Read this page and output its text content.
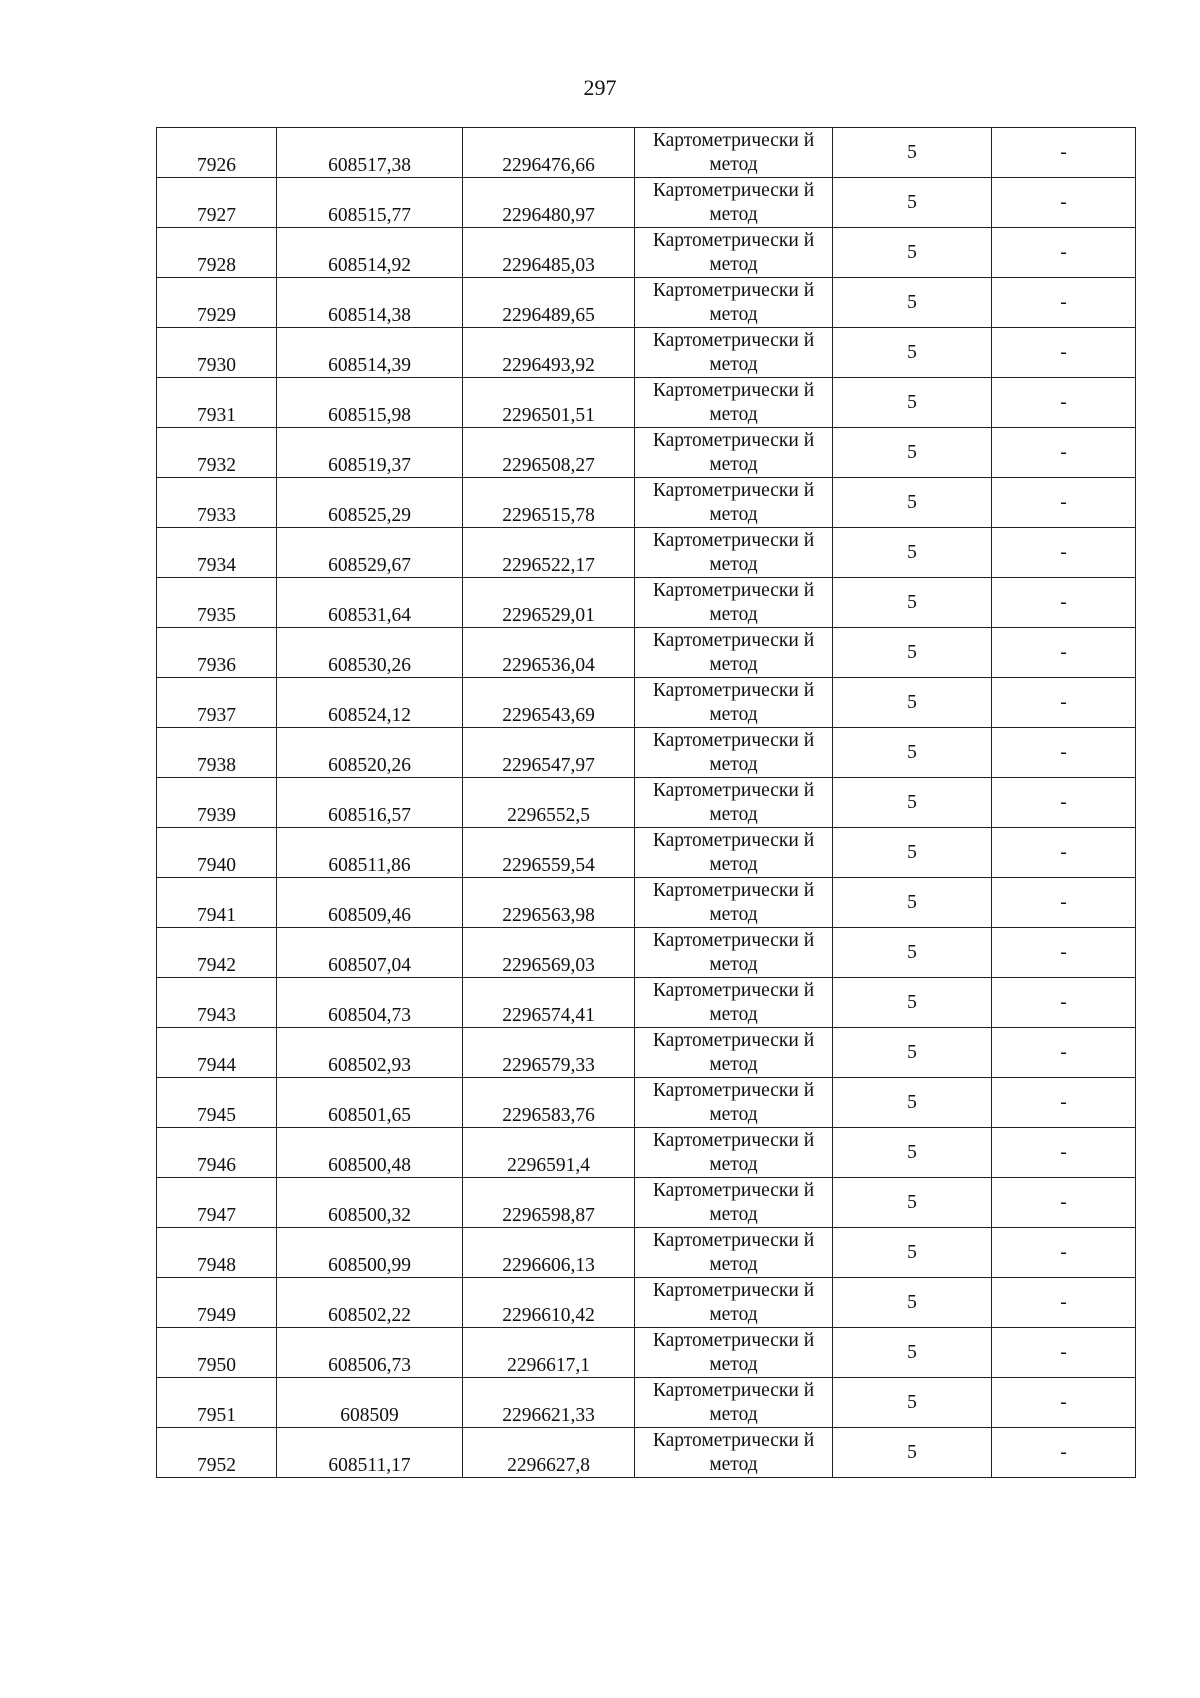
297
7926	608517,38	2296476,66	Картометрически й метод	5	-
7927	608515,77	2296480,97	Картометрически й метод	5	-
7928	608514,92	2296485,03	Картометрически й метод	5	-
7929	608514,38	2296489,65	Картометрически й метод	5	-
7930	608514,39	2296493,92	Картометрически й метод	5	-
7931	608515,98	2296501,51	Картометрически й метод	5	-
7932	608519,37	2296508,27	Картометрически й метод	5	-
7933	608525,29	2296515,78	Картометрически й метод	5	-
7934	608529,67	2296522,17	Картометрически й метод	5	-
7935	608531,64	2296529,01	Картометрически й метод	5	-
7936	608530,26	2296536,04	Картометрически й метод	5	-
7937	608524,12	2296543,69	Картометрически й метод	5	-
7938	608520,26	2296547,97	Картометрически й метод	5	-
7939	608516,57	2296552,5	Картометрически й метод	5	-
7940	608511,86	2296559,54	Картометрически й метод	5	-
7941	608509,46	2296563,98	Картометрически й метод	5	-
7942	608507,04	2296569,03	Картометрически й метод	5	-
7943	608504,73	2296574,41	Картометрически й метод	5	-
7944	608502,93	2296579,33	Картометрически й метод	5	-
7945	608501,65	2296583,76	Картометрически й метод	5	-
7946	608500,48	2296591,4	Картометрически й метод	5	-
7947	608500,32	2296598,87	Картометрически й метод	5	-
7948	608500,99	2296606,13	Картометрически й метод	5	-
7949	608502,22	2296610,42	Картометрически й метод	5	-
7950	608506,73	2296617,1	Картометрически й метод	5	-
7951	608509	2296621,33	Картометрически й метод	5	-
7952	608511,17	2296627,8	Картометрически й метод	5	-
